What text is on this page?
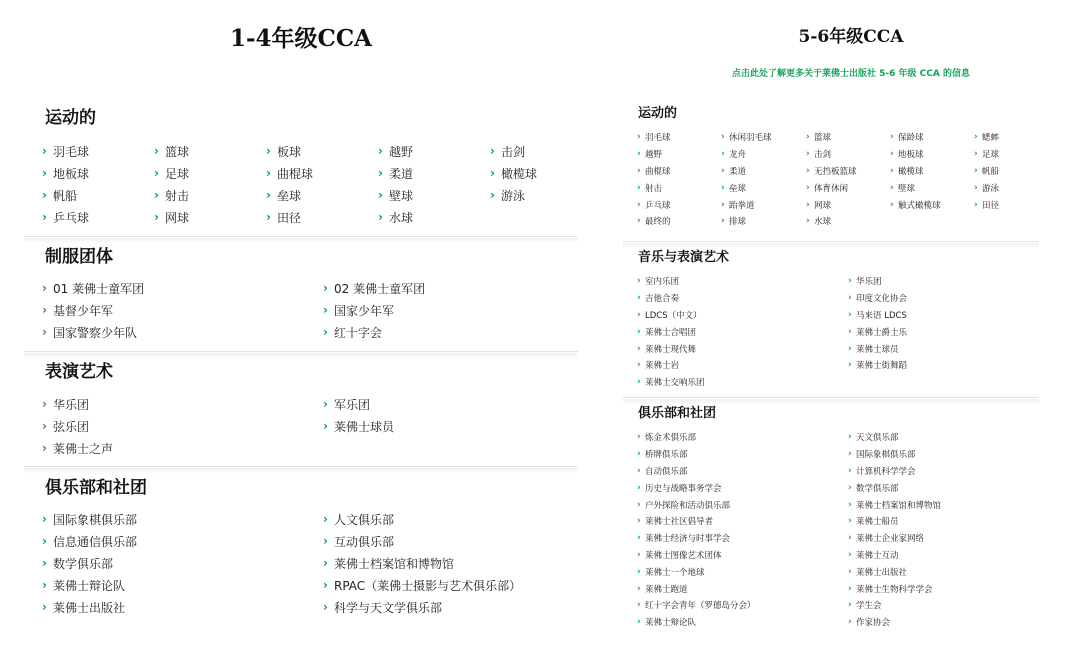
1-4年级CCA
运动的
› 羽毛球	› 篮球	› 板球	› 越野	› 击剑
› 地板球	› 足球	› 曲棍球	› 柔道	› 橄榄球
› 帆船	› 射击	› 垒球	› 壁球	› 游泳
› 乒乓球	› 网球	› 田径	› 水球
制服团体
› 01 莱佛士童军团	› 02 莱佛士童军团
› 基督少年军	› 国家少年军
› 国家警察少年队	› 红十字会
表演艺术
› 华乐团	› 军乐团
› 弦乐团	› 莱佛士球员
› 莱佛士之声
俱乐部和社团
› 国际象棋俱乐部	› 人文俱乐部
› 信息通信俱乐部	› 互动俱乐部
› 数学俱乐部	› 莱佛士档案馆和博物馆
› 莱佛士辩论队	› RPAC（莱佛士摄影与艺术俱乐部）
› 莱佛士出版社	› 科学与天文学俱乐部
5-6年级CCA
点击此处了解更多关于莱佛士出版社 5-6 年级 CCA 的信息
运动的
› 羽毛球	› 休闲羽毛球	› 篮球	› 保龄球	› 蟋蟀
› 越野	› 龙舟	› 击剑	› 地板球	› 足球
› 曲棍球	› 柔道	› 无挡板篮球	› 橄榄球	› 帆船
› 射击	› 垒球	› 体育休闲	› 壁球	› 游泳
› 乒乓球	› 跆拳道	› 网球	› 触式橄榄球	› 田径
› 最终的	› 排球	› 水球
音乐与表演艺术
› 室内乐团	› 华乐团
› 吉他合奏	› 印度文化协会
› LDCS（中文）	› 马来语 LDCS
› 莱佛士合唱团	› 莱佛士爵士乐
› 莱佛士现代舞	› 莱佛士球员
› 莱佛士岩	› 莱佛士街舞蹈
› 莱佛士交响乐团
俱乐部和社团
› 炼金术俱乐部	› 天文俱乐部
› 桥牌俱乐部	› 国际象棋俱乐部
› 自动俱乐部	› 计算机科学学会
› 历史与战略事务学会	› 数学俱乐部
› 户外探险和活动俱乐部	› 莱佛士档案馆和博物馆
› 莱佛士社区倡导者	› 莱佛士船员
› 莱佛士经济与时事学会	› 莱佛士企业家网络
› 莱佛士图像艺术团体	› 莱佛士互动
› 莱佛士一个地球	› 莱佛士出版社
› 莱佛士跑道	› 莱佛士生物科学学会
› 红十字会青年（罗德岛分会）	› 学生会
› 莱佛士辩论队	› 作家协会
